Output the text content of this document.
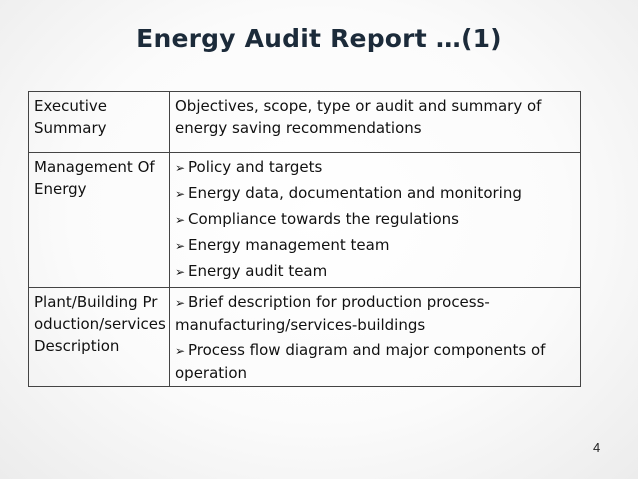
Energy Audit Report …(1)
Executive Summary	Objectives, scope, type or audit and summary of energy saving recommendations
Management Of Energy	➢ Policy and targets
➢ Energy data, documentation and monitoring
➢ Compliance towards the regulations
➢ Energy management team
➢ Energy audit team

Plant/Building Production/services Description	➢ Brief description for production process-manufacturing/services-buildings
➢ Process flow diagram and major components of operation
4
